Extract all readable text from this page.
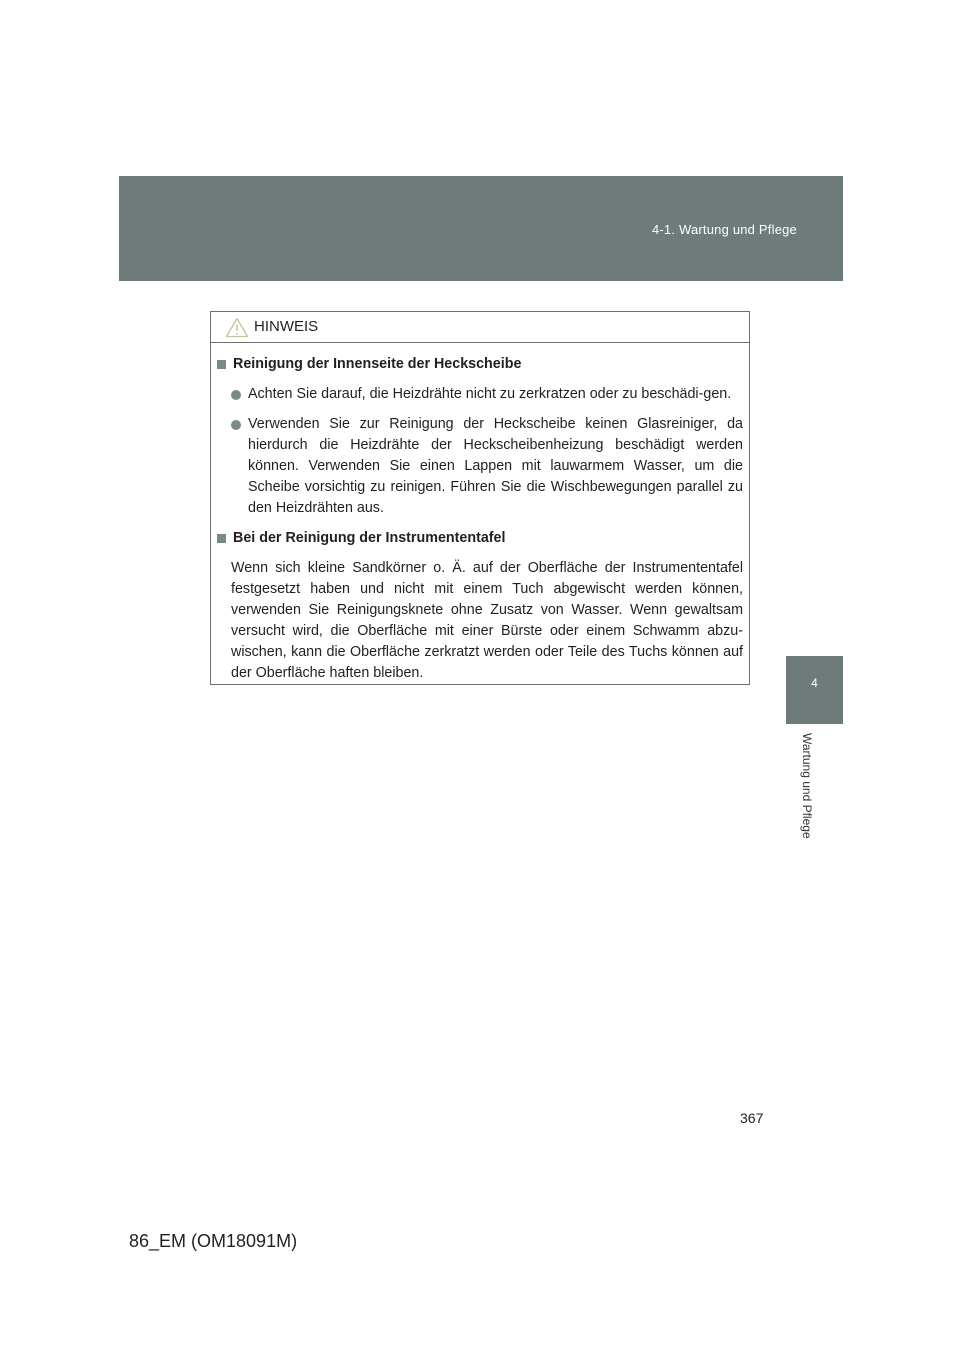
4-1. Wartung und Pflege
4
Wartung und Pflege
HINWEIS
Reinigung der Innenseite der Heckscheibe
Achten Sie darauf, die Heizdrähte nicht zu zerkratzen oder zu beschädi-gen.
Verwenden Sie zur Reinigung der Heckscheibe keinen Glasreiniger, da hierdurch die Heizdrähte der Heckscheibenheizung beschädigt werden können. Verwenden Sie einen Lappen mit lauwarmem Wasser, um die Scheibe vorsichtig zu reinigen. Führen Sie die Wischbewegungen parallel zu den Heizdrähten aus.
Bei der Reinigung der Instrumententafel
Wenn sich kleine Sandkörner o. Ä. auf der Oberfläche der Instrumententafel festgesetzt haben und nicht mit einem Tuch abgewischt werden können, verwenden Sie Reinigungsknete ohne Zusatz von Wasser. Wenn gewaltsam versucht wird, die Oberfläche mit einer Bürste oder einem Schwamm abzu-wischen, kann die Oberfläche zerkratzt werden oder Teile des Tuchs können auf der Oberfläche haften bleiben.
367
86_EM (OM18091M)
